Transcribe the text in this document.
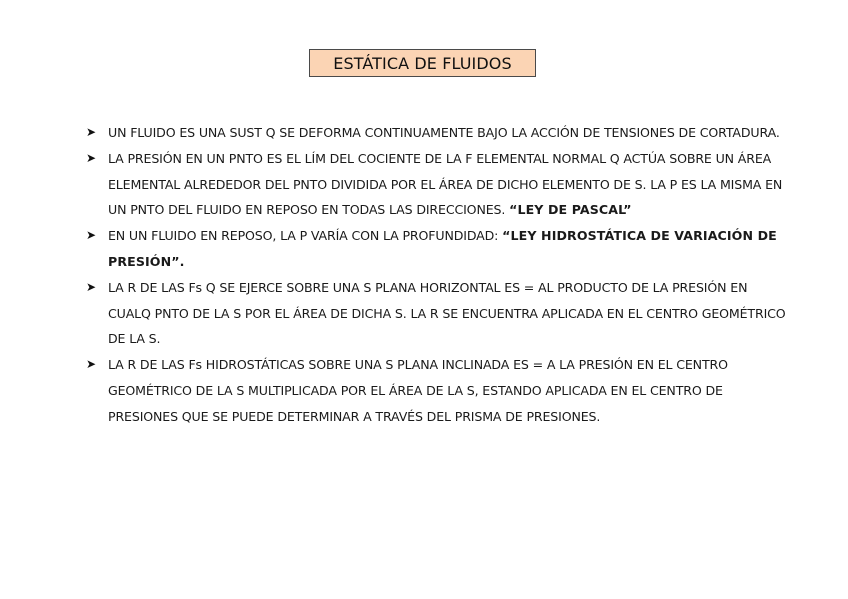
ESTÁTICA DE FLUIDOS
➤ UN FLUIDO ES UNA SUST Q SE DEFORMA CONTINUAMENTE BAJO LA ACCIÓN DE TENSIONES DE CORTADURA.
➤ LA PRESIÓN EN UN PNTO ES EL LÍM DEL COCIENTE DE LA F ELEMENTAL NORMAL Q ACTÚA SOBRE UN ÁREA ELEMENTAL ALREDEDOR DEL PNTO DIVIDIDA POR EL ÁREA DE DICHO ELEMENTO DE S. LA P ES LA MISMA EN UN PNTO DEL FLUIDO EN REPOSO EN TODAS LAS DIRECCIONES. “LEY DE PASCAL”
➤ EN UN FLUIDO EN REPOSO, LA P VARÍA CON LA PROFUNDIDAD: “LEY HIDROSTÁTICA DE VARIACIÓN DE PRESIÓN”.
➤ LA R DE LAS Fs Q SE EJERCE SOBRE UNA S PLANA HORIZONTAL ES = AL PRODUCTO DE LA PRESIÓN EN CUALQ PNTO DE LA S POR EL ÁREA DE DICHA S. LA R SE ENCUENTRA APLICADA EN EL CENTRO GEOMÉTRICO DE LA S.
➤ LA R DE LAS Fs HIDROSTÁTICAS SOBRE UNA S PLANA INCLINADA ES = A LA PRESIÓN EN EL CENTRO GEOMÉTRICO DE LA S MULTIPLICADA POR EL ÁREA DE LA S, ESTANDO APLICADA EN EL CENTRO DE PRESIONES QUE SE PUEDE DETERMINAR A TRAVÉS DEL PRISMA DE PRESIONES.
